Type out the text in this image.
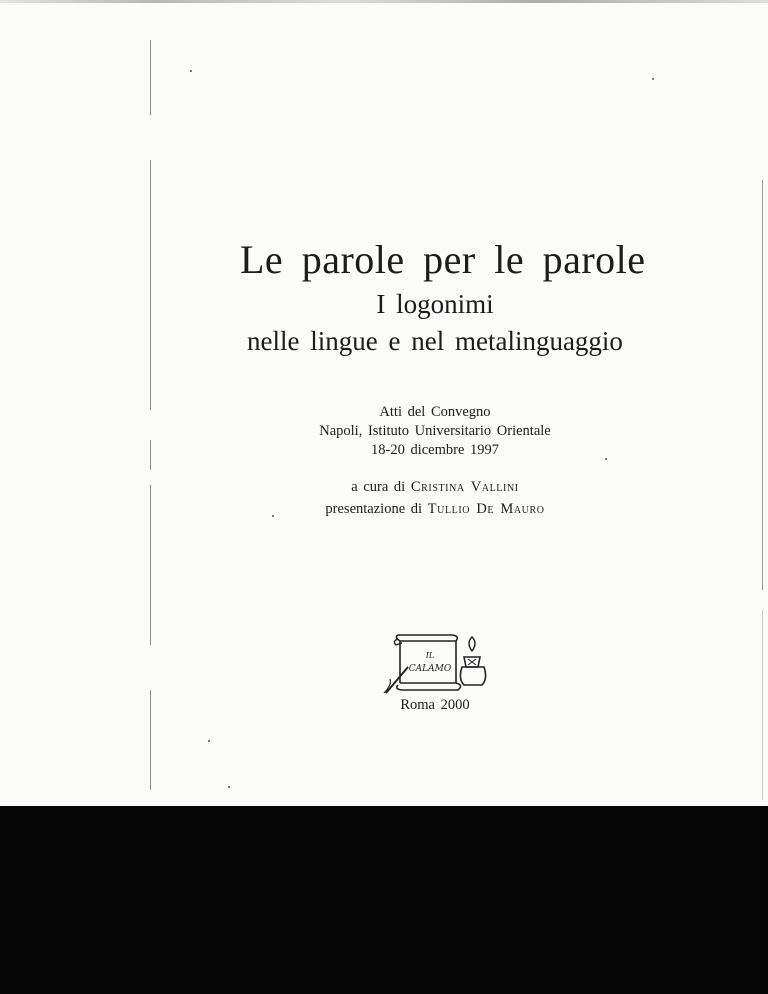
Le parole per le parole
I logonimi
nelle lingue e nel metalinguaggio
Atti del Convegno
Napoli, Istituto Universitario Orientale
18-20 dicembre 1997
a cura di Cristina Vallini
presentazione di Tullio De Mauro
IL
CALAMO
Roma 2000
